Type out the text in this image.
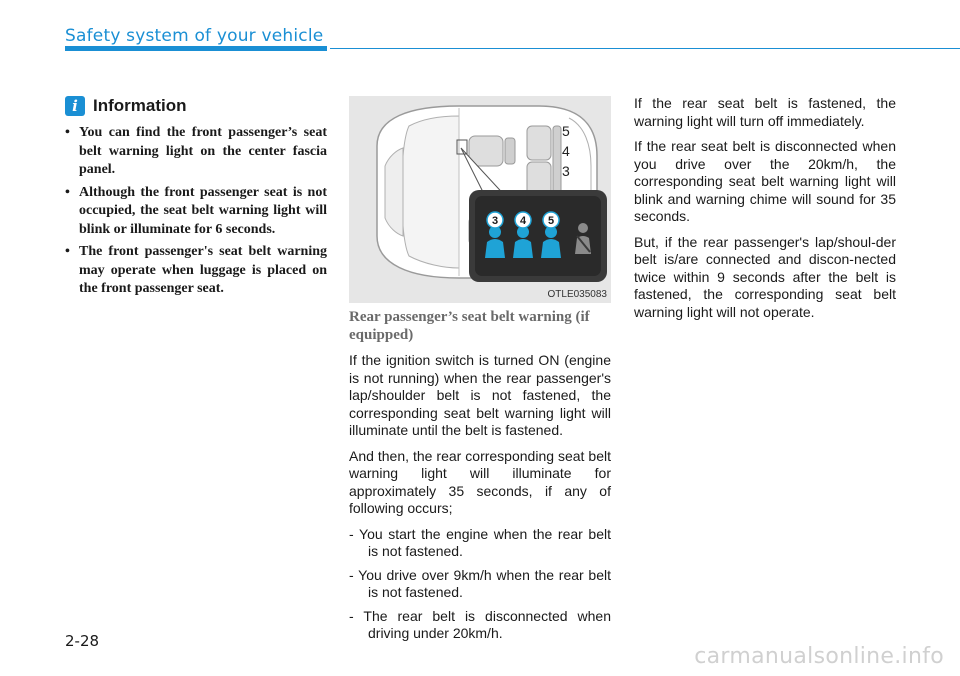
Safety system of your vehicle
i Information
• You can find the front passenger’s seat belt warning light on the center fascia panel.
• Although the front passenger seat is not occupied, the seat belt warning light will blink or illuminate for 6 seconds.
• The front passenger's seat belt warning may operate when luggage is placed on the front passenger seat.
5
4
3
3 4 5
OTLE035083
Rear passenger’s seat belt warning (if equipped)

If the ignition switch is turned ON (engine is not running) when the rear passenger's lap/shoulder belt is not fastened, the corresponding seat belt warning light will illuminate until the belt is fastened.

And then, the rear corresponding seat belt warning light will illuminate for approximately 35 seconds, if any of following occurs;

- You start the engine when the rear belt is not fastened.

- You drive over 9km/h when the rear belt is not fastened.

- The rear belt is disconnected when driving under 20km/h.

If the rear seat belt is fastened, the warning light will turn off immediately.

If the rear seat belt is disconnected when you drive over the 20km/h, the corresponding seat belt warning light will blink and warning chime will sound for 35 seconds.

But, if the rear passenger's lap/shoul-der belt is/are connected and discon-nected twice within 9 seconds after the belt is fastened, the corresponding seat belt warning light will not operate.

2-28
carmanualsonline.info
